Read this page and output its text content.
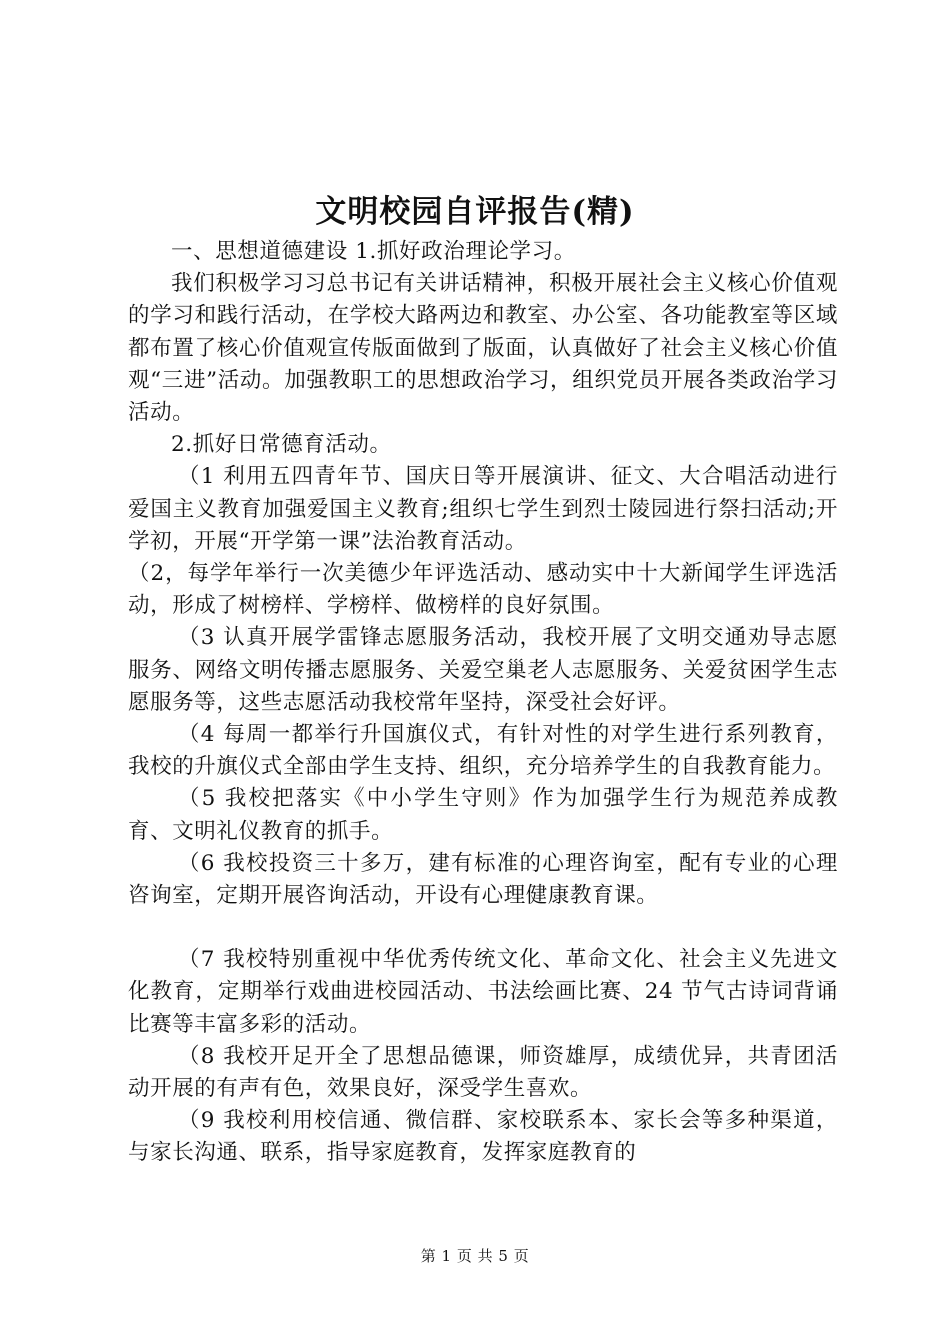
文明校园自评报告(精)

一、思想道德建设 1.抓好政治理论学习。

我们积极学习习总书记有关讲话精神，积极开展社会主义核心价值观的学习和践行活动，在学校大路两边和教室、办公室、各功能教室等区域都布置了核心价值观宣传版面做到了版面，认真做好了社会主义核心价值观“三进”活动。加强教职工的思想政治学习，组织党员开展各类政治学习活动。

2.抓好日常德育活动。

（1 利用五四青年节、国庆日等开展演讲、征文、大合唱活动进行爱国主义教育加强爱国主义教育;组织七学生到烈士陵园进行祭扫活动;开学初，开展“开学第一课”法治教育活动。

（2，每学年举行一次美德少年评选活动、感动实中十大新闻学生评选活动，形成了树榜样、学榜样、做榜样的良好氛围。

（3 认真开展学雷锋志愿服务活动，我校开展了文明交通劝导志愿服务、网络文明传播志愿服务、关爱空巢老人志愿服务、关爱贫困学生志愿服务等，这些志愿活动我校常年坚持，深受社会好评。

（4 每周一都举行升国旗仪式，有针对性的对学生进行系列教育，我校的升旗仪式全部由学生支持、组织，充分培养学生的自我教育能力。

（5 我校把落实《中小学生守则》作为加强学生行为规范养成教育、文明礼仪教育的抓手。

（6 我校投资三十多万，建有标准的心理咨询室，配有专业的心理咨询室，定期开展咨询活动，开设有心理健康教育课。

（7 我校特别重视中华优秀传统文化、革命文化、社会主义先进文化教育，定期举行戏曲进校园活动、书法绘画比赛、24 节气古诗词背诵比赛等丰富多彩的活动。

（8 我校开足开全了思想品德课，师资雄厚，成绩优异，共青团活动开展的有声有色，效果良好，深受学生喜欢。

（9 我校利用校信通、微信群、家校联系本、家长会等多种渠道，与家长沟通、联系，指导家庭教育，发挥家庭教育的

第 1 页 共 5 页
